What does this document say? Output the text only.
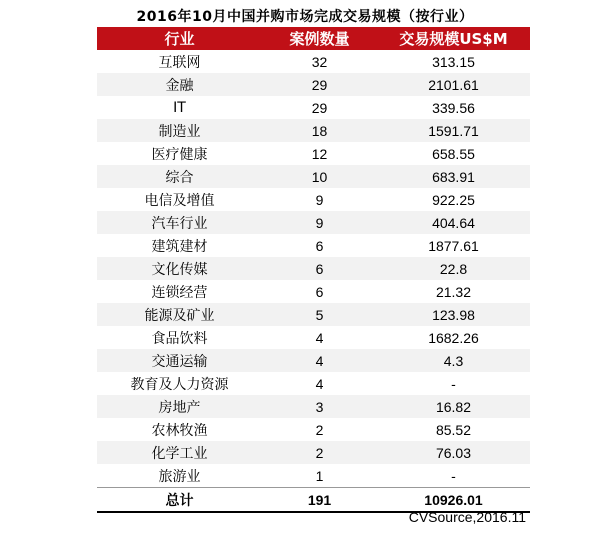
2016年10月中国并购市场完成交易规模（按行业）
行业	案例数量	交易规模US$M
互联网	32	313.15
金融	29	2101.61
IT	29	339.56
制造业	18	1591.71
医疗健康	12	658.55
综合	10	683.91
电信及增值	9	922.25
汽车行业	9	404.64
建筑建材	6	1877.61
文化传媒	6	22.8
连锁经营	6	21.32
能源及矿业	5	123.98
食品饮料	4	1682.26
交通运输	4	4.3
教育及人力资源	4	-
房地产	3	16.82
农林牧渔	2	85.52
化学工业	2	76.03
旅游业	1	-
总计	191	10926.01
CVSource,2016.11
